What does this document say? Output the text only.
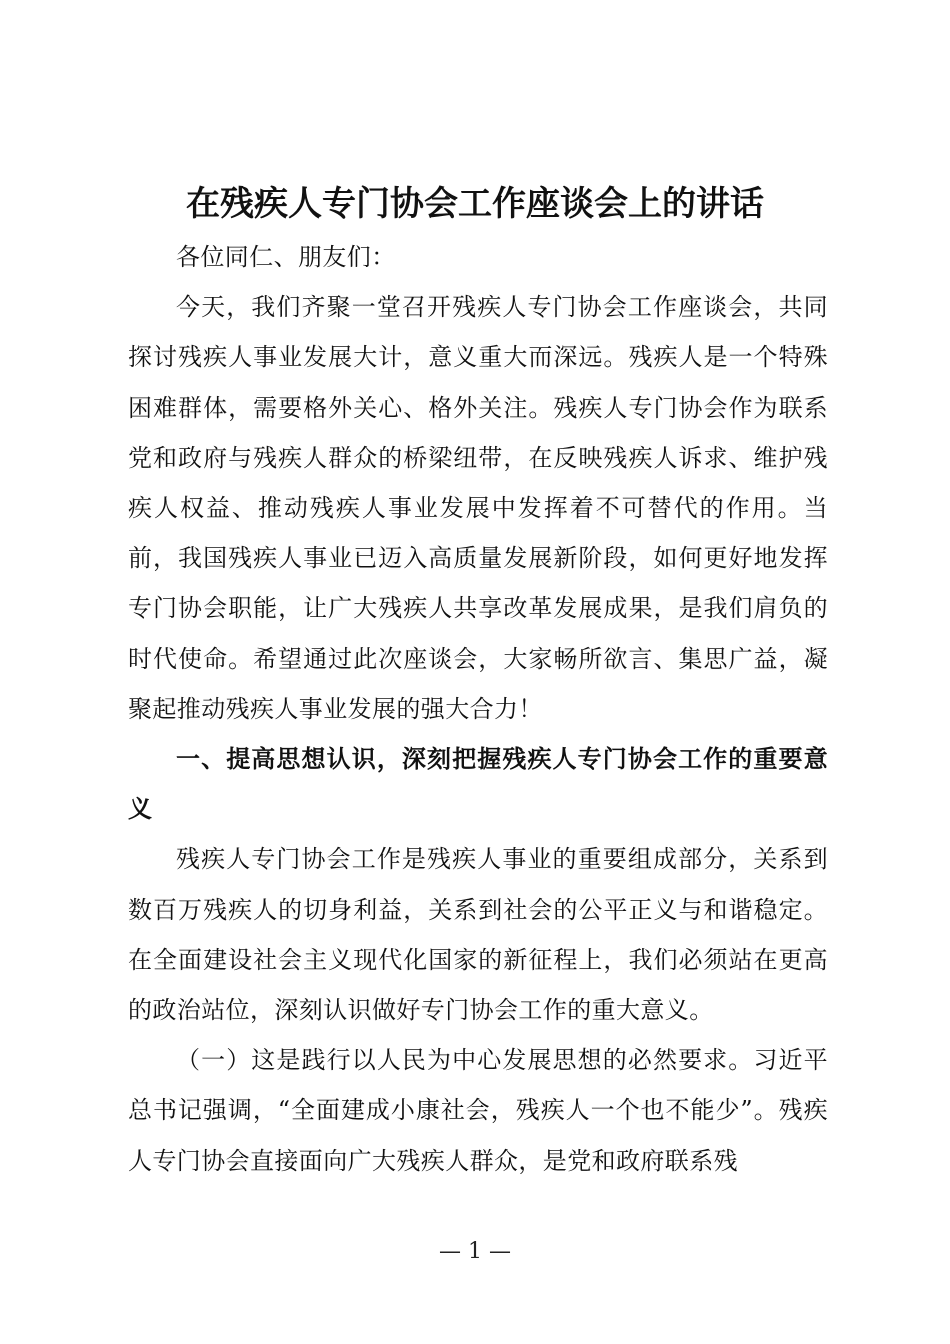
在残疾人专门协会工作座谈会上的讲话

各位同仁、朋友们：

今天，我们齐聚一堂召开残疾人专门协会工作座谈会，共同探讨残疾人事业发展大计，意义重大而深远。残疾人是一个特殊困难群体，需要格外关心、格外关注。残疾人专门协会作为联系党和政府与残疾人群众的桥梁纽带，在反映残疾人诉求、维护残疾人权益、推动残疾人事业发展中发挥着不可替代的作用。当前，我国残疾人事业已迈入高质量发展新阶段，如何更好地发挥专门协会职能，让广大残疾人共享改革发展成果，是我们肩负的时代使命。希望通过此次座谈会，大家畅所欲言、集思广益，凝聚起推动残疾人事业发展的强大合力！

一、提高思想认识，深刻把握残疾人专门协会工作的重要意义

残疾人专门协会工作是残疾人事业的重要组成部分，关系到数百万残疾人的切身利益，关系到社会的公平正义与和谐稳定。在全面建设社会主义现代化国家的新征程上，我们必须站在更高的政治站位，深刻认识做好专门协会工作的重大意义。

（一）这是践行以人民为中心发展思想的必然要求。习近平总书记强调，“全面建成小康社会，残疾人一个也不能少”。残疾人专门协会直接面向广大残疾人群众，是党和政府联系残

— 1 —
